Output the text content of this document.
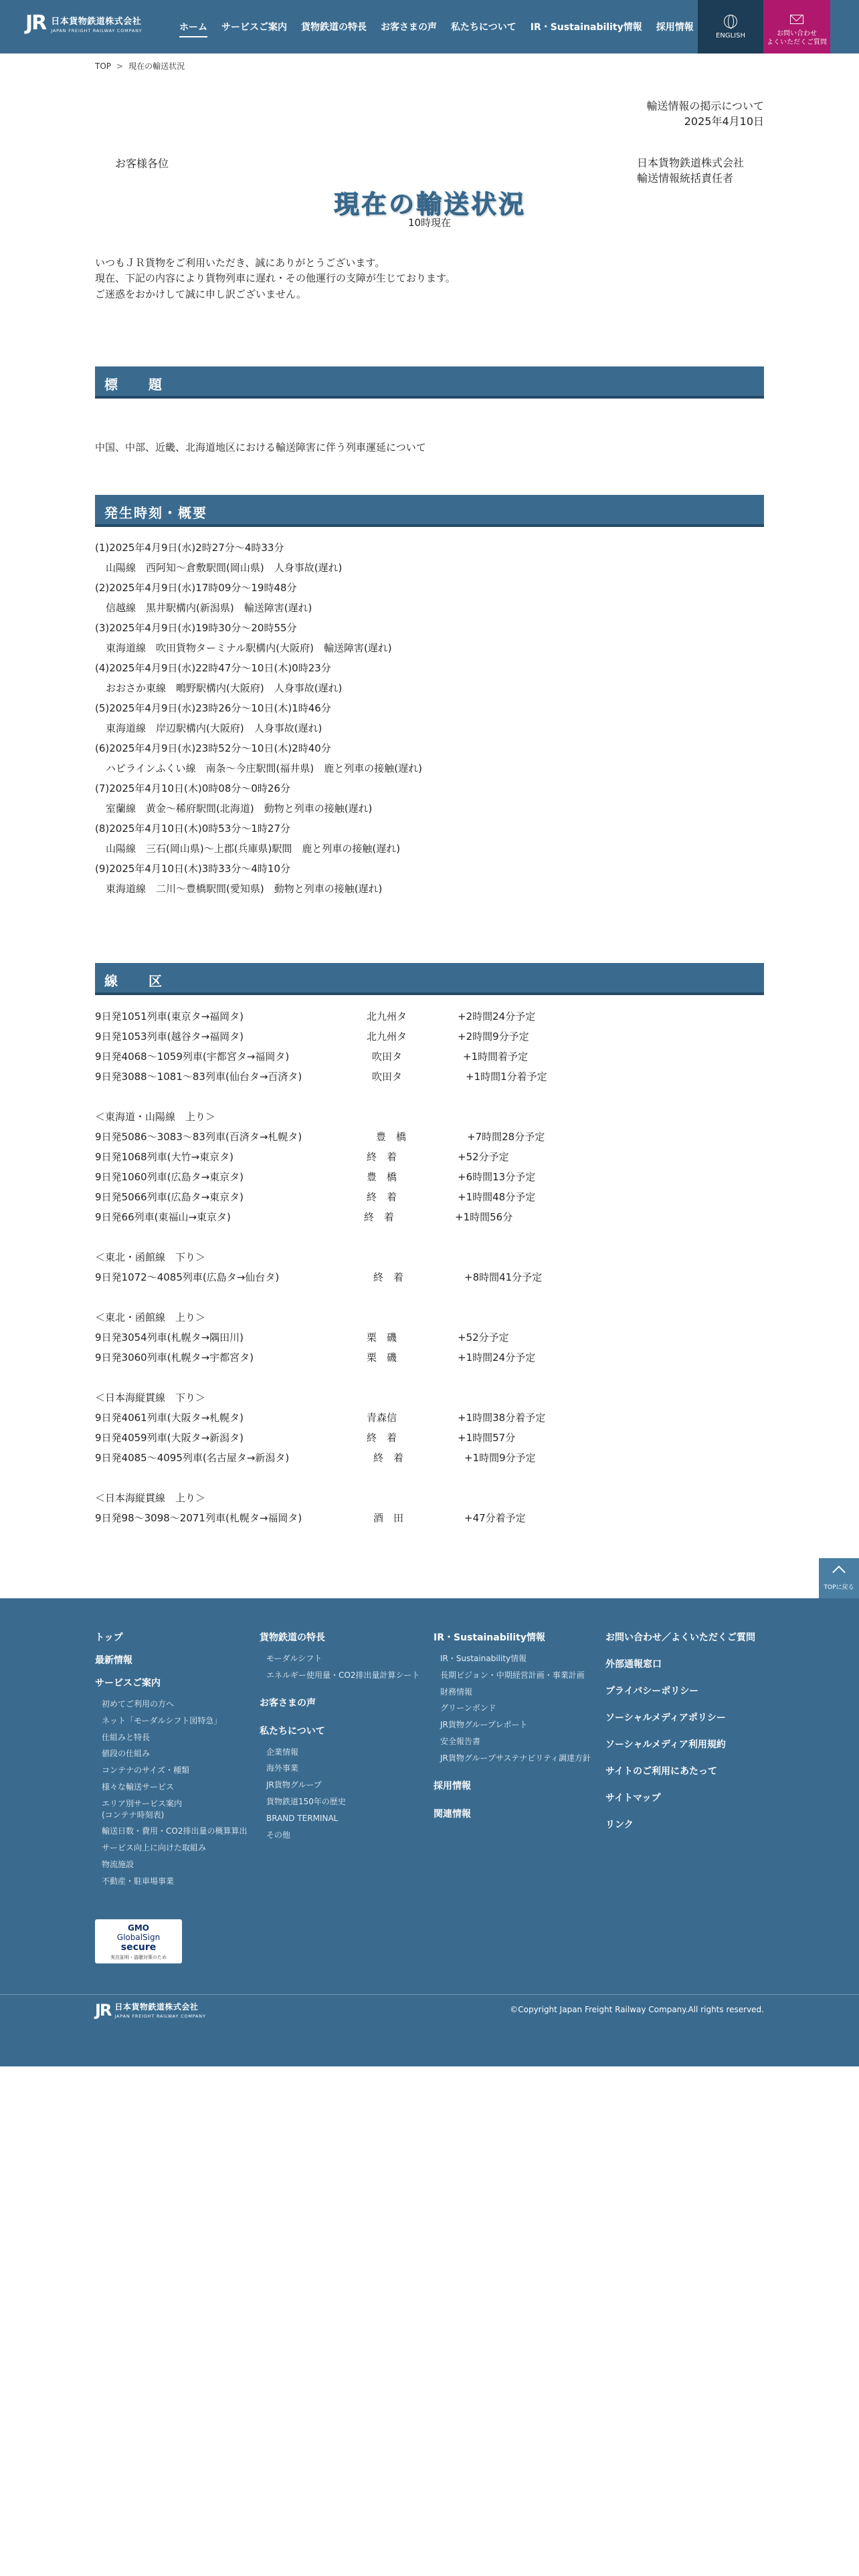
JR 日本貨物鉄道株式会社
JAPAN FREIGHT RAILWAY COMPANY	ホーム サービスご案内 貨物鉄道の特長 お客さまの声 私たちについて IR・Sustainability情報 採用情報
ENGLISH	お問い合わせ
よくいただくご質問
TOP > 現在の輸送状況
輸送情報の掲示について
2025年4月10日
お客様各位	日本貨物鉄道株式会社
輸送情報統括責任者
現在の輸送状況
10時現在
いつもＪＲ貨物をご利用いただき、誠にありがとうございます。
現在、下記の内容により貨物列車に遅れ・その他運行の支障が生じております。
ご迷惑をおかけして誠に申し訳ございません。
標　　題
中国、中部、近畿、北海道地区における輸送障害に伴う列車運延について
発生時刻・概要
(1)2025年4月9日(水)2時27分～4時33分
山陽線　西阿知～倉敷駅間(岡山県)　人身事故(遅れ)
(2)2025年4月9日(水)17時09分～19時48分
信越線　黒井駅構内(新潟県)　輸送障害(遅れ)
(3)2025年4月9日(水)19時30分～20時55分
東海道線　吹田貨物ターミナル駅構内(大阪府)　輸送障害(遅れ)
(4)2025年4月9日(水)22時47分～10日(木)0時23分
おおさか東線　鴫野駅構内(大阪府)　人身事故(遅れ)
(5)2025年4月9日(水)23時26分～10日(木)1時46分
東海道線　岸辺駅構内(大阪府)　人身事故(遅れ)
(6)2025年4月9日(水)23時52分～10日(木)2時40分
ハピラインふくい線　南条～今庄駅間(福井県)　鹿と列車の接触(遅れ)
(7)2025年4月10日(木)0時08分～0時26分
室蘭線　黄金～稀府駅間(北海道)　動物と列車の接触(遅れ)
(8)2025年4月10日(木)0時53分～1時27分
山陽線　三石(岡山県)～上郡(兵庫県)駅間　鹿と列車の接触(遅れ)
(9)2025年4月10日(木)3時33分～4時10分
東海道線　二川～豊橋駅間(愛知県)　動物と列車の接触(遅れ)
線　　区
9日発1051列車(東京タ→福岡タ)	北九州タ	+2時間24分予定
9日発1053列車(越谷タ→福岡タ)	北九州タ	+2時間9分予定
9日発4068～1059列車(宇都宮タ→福岡タ)	吹田タ	+1時間着予定
9日発3088～1081～83列車(仙台タ→百済タ)	吹田タ	+1時間1分着予定
＜東海道・山陽線　上り＞
9日発5086～3083～83列車(百済タ→札幌タ)	豊　橋	+7時間28分予定
9日発1068列車(大竹→東京タ)	終　着	+52分予定
9日発1060列車(広島タ→東京タ)	豊　橋	+6時間13分予定
9日発5066列車(広島タ→東京タ)	終　着	+1時間48分予定
9日発66列車(東福山→東京タ)	終　着	+1時間56分
＜東北・函館線　下り＞
9日発1072～4085列車(広島タ→仙台タ)	終　着	+8時間41分予定
＜東北・函館線　上り＞
9日発3054列車(札幌タ→隅田川)	栗　磯	+52分予定
9日発3060列車(札幌タ→宇都宮タ)	栗　磯	+1時間24分予定
＜日本海縦貫線　下り＞
9日発4061列車(大阪タ→札幌タ)	青森信	+1時間38分着予定
9日発4059列車(大阪タ→新潟タ)	終　着	+1時間57分
9日発4085～4095列車(名古屋タ→新潟タ)	終　着	+1時間9分予定
＜日本海縦貫線　上り＞
9日発98～3098～2071列車(札幌タ→福岡タ)	酒　田	+47分着予定
TOPに戻る
トップ
最新情報
サービスご案内
初めてご利用の方へ
ネット「モーダルシフト図特急」
仕組みと特長
値段の仕組み
コンテナのサイズ・種類
様々な輸送サービス
エリア別サービス案内
(コンテナ時刻表)
輸送日数・費用・CO2排出量の概算算出
サービス向上に向けた取組み
物流施設
不動産・駐車場事業
貨物鉄道の特長
モーダルシフト
エネルギー使用量・CO2排出量計算シート
お客さまの声
私たちについて
企業情報
海外事業
JR貨物グループ
貨物鉄道150年の歴史
BRAND TERMINAL
その他
IR・Sustainability情報
IR・Sustainability情報
長期ビジョン・中期経営計画・事業計画
財務情報
グリーンボンド
JR貨物グループレポート
安全報告書
JR貨物グループサステナビリティ調達方針
採用情報
関連情報
お問い合わせ／よくいただくご質問
外部通報窓口
プライバシーポリシー
ソーシャルメディアポリシー
ソーシャルメディア利用規約
サイトのご利用にあたって
サイトマップ
リンク
GMO
GlobalSign
secure
実在証明・盗聴対策のため
JR 日本貨物鉄道株式会社
JAPAN FREIGHT RAILWAY COMPANY
©Copyright Japan Freight Railway Company.All rights reserved.
